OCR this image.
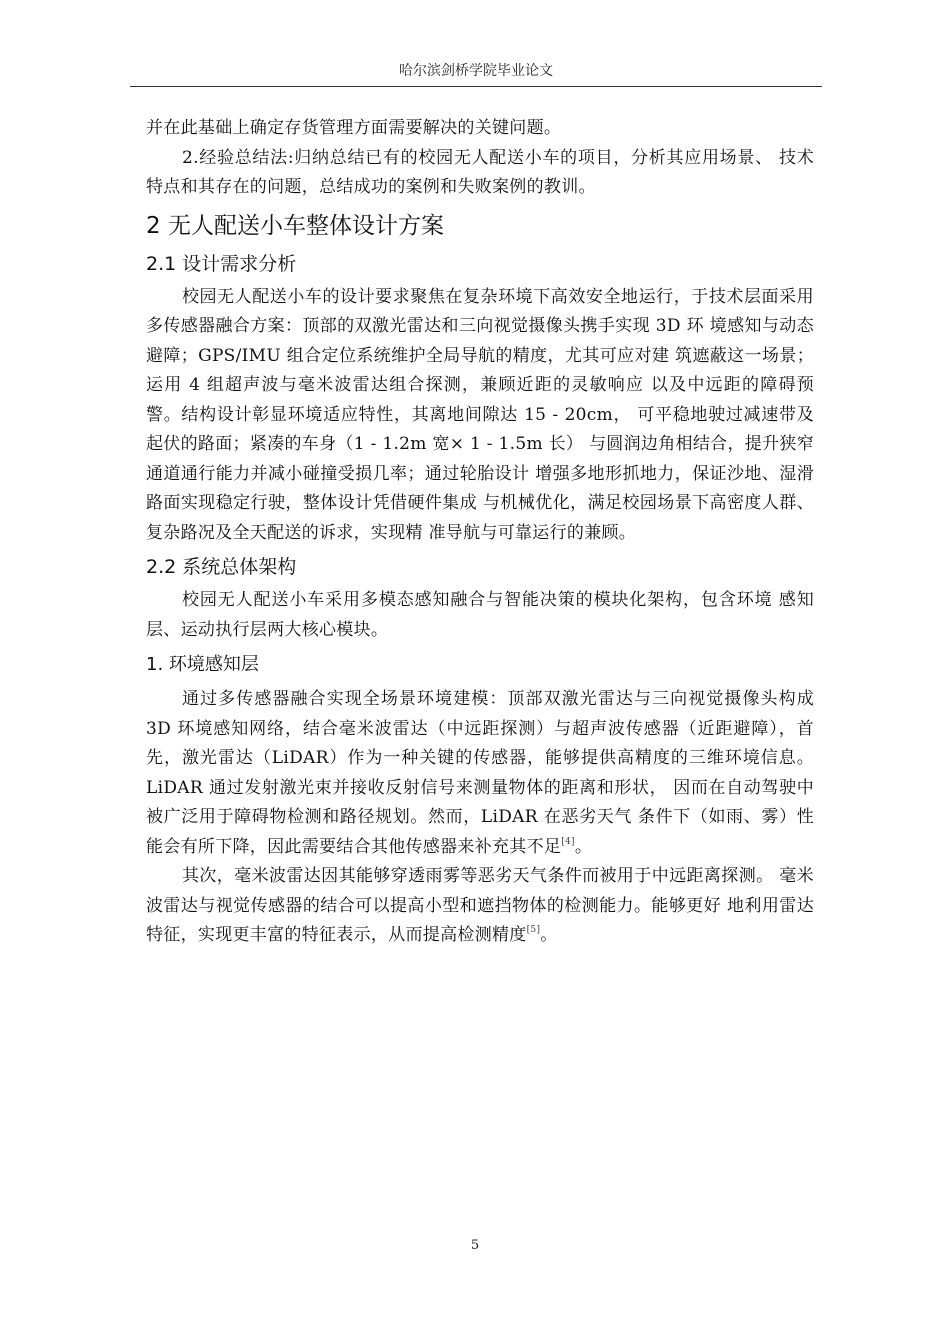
哈尔滨剑桥学院毕业论文

并在此基础上确定存货管理方面需要解决的关键问题。

2.经验总结法:归纳总结已有的校园无人配送小车的项目，分析其应用场景、 技术特点和其存在的问题，总结成功的案例和失败案例的教训。

2 无人配送小车整体设计方案
2.1 设计需求分析

校园无人配送小车的设计要求聚焦在复杂环境下高效安全地运行，于技术层面采用多传感器融合方案：顶部的双激光雷达和三向视觉摄像头携手实现 3D 环 境感知与动态避障；GPS/IMU 组合定位系统维护全局导航的精度，尤其可应对建 筑遮蔽这一场景；运用 4 组超声波与毫米波雷达组合探测，兼顾近距的灵敏响应 以及中远距的障碍预警。结构设计彰显环境适应特性，其离地间隙达 15 - 20cm， 可平稳地驶过减速带及起伏的路面；紧凑的车身（1 - 1.2m 宽× 1 - 1.5m 长） 与圆润边角相结合，提升狭窄通道通行能力并减小碰撞受损几率；通过轮胎设计 增强多地形抓地力，保证沙地、湿滑路面实现稳定行驶，整体设计凭借硬件集成 与机械优化，满足校园场景下高密度人群、复杂路况及全天配送的诉求，实现精 准导航与可靠运行的兼顾。

2.2 系统总体架构

校园无人配送小车采用多模态感知融合与智能决策的模块化架构，包含环境 感知层、运动执行层两大核心模块。

1. 环境感知层

通过多传感器融合实现全场景环境建模：顶部双激光雷达与三向视觉摄像头构成 3D 环境感知网络，结合毫米波雷达（中远距探测）与超声波传感器（近距避障），首先，激光雷达（LiDAR）作为一种关键的传感器，能够提供高精度的三维环境信息。LiDAR 通过发射激光束并接收反射信号来测量物体的距离和形状， 因而在自动驾驶中被广泛用于障碍物检测和路径规划。然而，LiDAR 在恶劣天气 条件下（如雨、雾）性能会有所下降，因此需要结合其他传感器来补充其不足[4]。

其次，毫米波雷达因其能够穿透雨雾等恶劣天气条件而被用于中远距离探测。 毫米波雷达与视觉传感器的结合可以提高小型和遮挡物体的检测能力。能够更好 地利用雷达特征，实现更丰富的特征表示，从而提高检测精度[5]。

5
